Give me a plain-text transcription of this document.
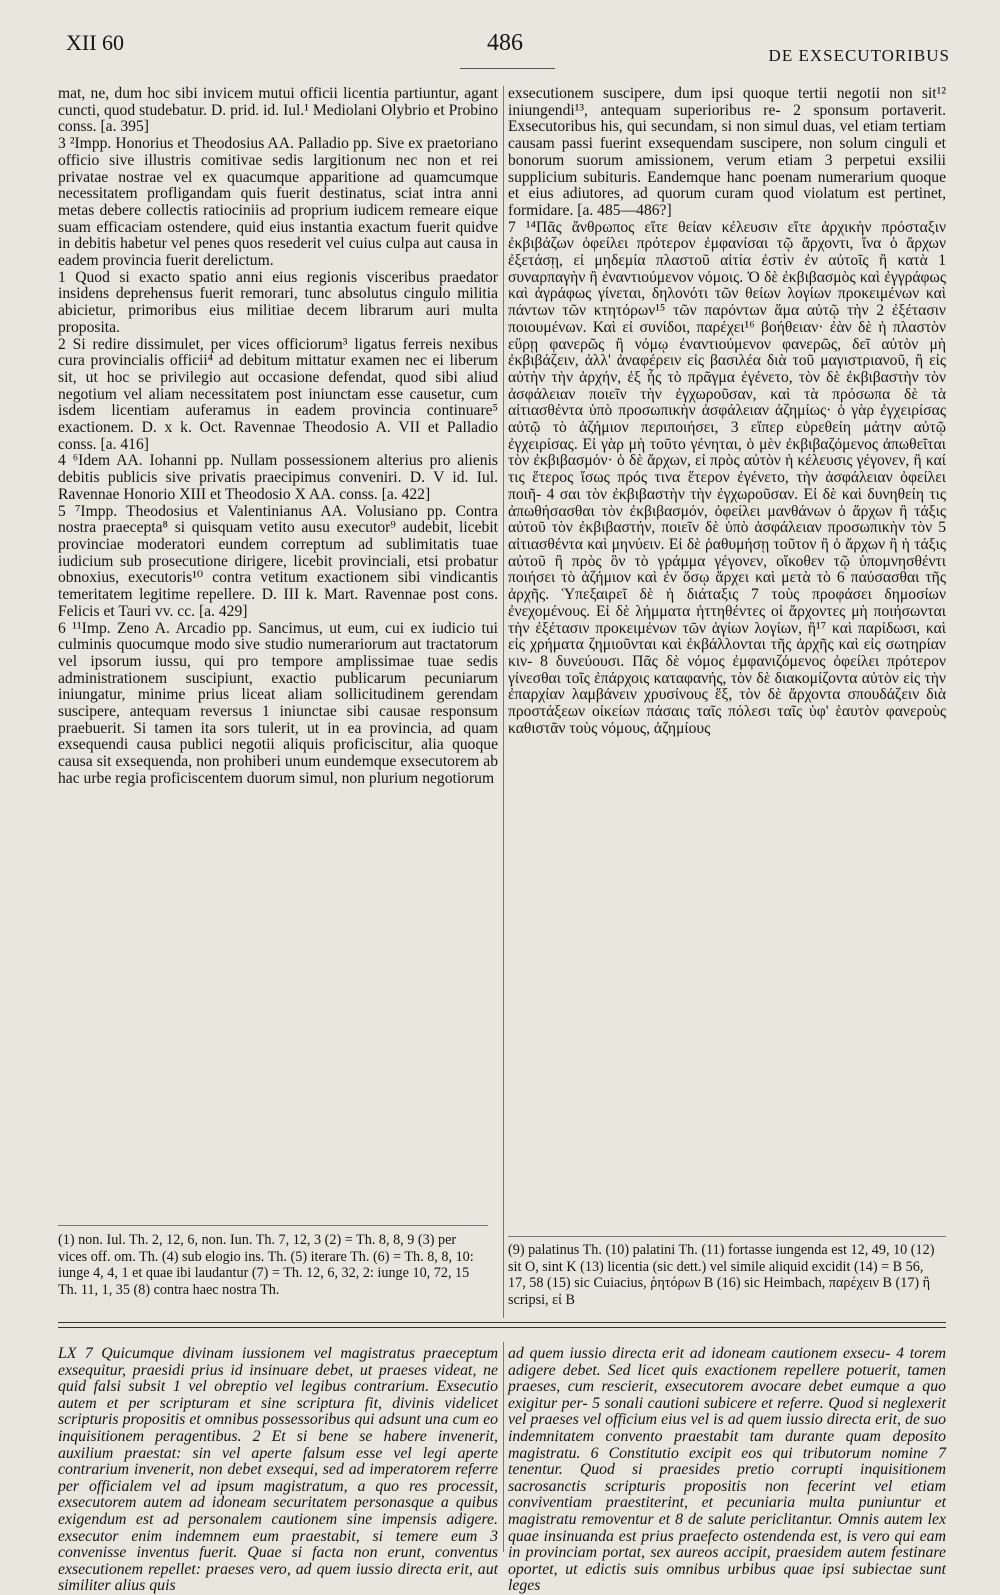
XII 60	486	DE EXSECUTORIBUS

mat, ne, dum hoc sibi invicem mutui officii licentia partiuntur, agant cuncti, quod studebatur. D. prid. id. Iul.¹ Mediolani Olybrio et Probino conss. [a. 395]

3 ²Impp. Honorius et Theodosius AA. Palladio pp. Sive ex praetoriano officio sive illustris comitivae sedis largitionum nec non et rei privatae nostrae vel ex quacumque apparitione ad quamcumque necessitatem profligandam quis fuerit destinatus, sciat intra anni metas debere collectis ratiociniis ad proprium iudicem remeare eique suam efficaciam ostendere, quid eius instantia exactum fuerit quidve in debitis habetur vel penes quos resederit vel cuius culpa aut causa in eadem provincia fuerit derelictum.

1 Quod si exacto spatio anni eius regionis visceribus praedator insidens deprehensus fuerit remorari, tunc absolutus cingulo militia abicietur, primoribus eius militiae decem librarum auri multa proposita.

2 Si redire dissimulet, per vices officiorum³ ligatus ferreis nexibus cura provincialis officii⁴ ad debitum mittatur examen nec ei liberum sit, ut hoc se privilegio aut occasione defendat, quod sibi aliud negotium vel aliam necessitatem post iniunctam esse causetur, cum isdem licentiam auferamus in eadem provincia continuare⁵ exactionem. D. x k. Oct. Ravennae Theodosio A. VII et Palladio conss. [a. 416]

4 ⁶Idem AA. Iohanni pp. Nullam possessionem alterius pro alienis debitis publicis sive privatis praecipimus conveniri. D. V id. Iul. Ravennae Honorio XIII et Theodosio X AA. conss. [a. 422]

5 ⁷Impp. Theodosius et Valentinianus AA. Volusiano pp. Contra nostra praecepta⁸ si quisquam vetito ausu executor⁹ audebit, licebit provinciae moderatori eundem correptum ad sublimitatis tuae iudicium sub prosecutione dirigere, licebit provinciali, etsi probatur obnoxius, executoris¹⁰ contra vetitum exactionem sibi vindicantis temeritatem legitime repellere. D. III k. Mart. Ravennae post cons. Felicis et Tauri vv. cc. [a. 429]

6 ¹¹Imp. Zeno A. Arcadio pp. Sancimus, ut eum, cui ex iudicio tui culminis quocumque modo sive studio numerariorum aut tractatorum vel ipsorum iussu, qui pro tempore amplissimae tuae sedis administrationem suscipiunt, exactio publicarum pecuniarum iniungatur, minime prius liceat aliam sollicitudinem gerendam suscipere, antequam reversus 1 iniunctae sibi causae responsum praebuerit. Si tamen ita sors tulerit, ut in ea provincia, ad quam exsequendi causa publici negotii aliquis proficiscitur, alia quoque causa sit exsequenda, non prohiberi unum eundemque exsecutorem ab hac urbe regia proficiscentem duorum simul, non plurium negotiorum

exsecutionem suscipere, dum ipsi quoque tertii negotii non sit¹² iniungendi¹³, antequam superioribus re- 2 sponsum portaverit. Exsecutoribus his, qui secundam, si non simul duas, vel etiam tertiam causam passi fuerint exsequendam suscipere, non solum cinguli et bonorum suorum amissionem, verum etiam 3 perpetui exsilii supplicium subituris. Eandemque hanc poenam numerarium quoque et eius adiutores, ad quorum curam quod violatum est pertinet, formidare. [a. 485—486?]

7 ¹⁴Πᾶς ἄνθρωπος εἴτε θείαν κέλευσιν εἴτε ἀρχικὴν πρόσταξιν ἐκβιβάζων ὀφείλει πρότερον ἐμφανίσαι τῷ ἄρχοντι, ἵνα ὁ ἄρχων ἐξετάσῃ, εἰ μηδεμία πλαστοῦ αἰτία ἐστὶν ἐν αὐτοῖς ἢ κατὰ 1 συναρπαγὴν ἢ ἐναντιούμενον νόμοις. Ὁ δὲ ἐκβιβασμὸς καὶ ἐγγράφως καὶ ἀγράφως γίνεται, δηλονότι τῶν θείων λογίων προκειμένων καὶ πάντων τῶν κτητόρων¹⁵ τῶν παρόντων ἅμα αὐτῷ τὴν 2 ἐξέτασιν ποιουμένων. Καὶ εἰ συνίδοι, παρέχει¹⁶ βοήθειαν· ἐὰν δὲ ἡ πλαστὸν εὕρῃ φανερῶς ἢ νόμῳ ἐναντιούμενον φανερῶς, δεῖ αὐτὸν μὴ ἐκβιβάζειν, ἀλλ' ἀναφέρειν εἰς βασιλέα διὰ τοῦ μαγιστριανοῦ, ἢ εἰς αὐτὴν τὴν ἀρχήν, ἐξ ἧς τὸ πρᾶγμα ἐγένετο, τὸν δὲ ἐκβιβαστὴν τὸν ἀσφάλειαν ποιεῖν τὴν ἐγχωροῦσαν, καὶ τὰ πρόσωπα δὲ τὰ αἰτιασθέντα ὑπὸ προσωπικὴν ἀσφάλειαν ἀζημίως· ὁ γὰρ ἐγχειρίσας αὐτῷ τὸ ἀζήμιον περιποιήσει, 3 εἴπερ εὑρεθείη μάτην αὐτῷ ἐγχειρίσας. Εἰ γὰρ μὴ τοῦτο γένηται, ὁ μὲν ἐκβιβαζόμενος ἀπωθεῖται τὸν ἐκβιβασμόν· ὁ δὲ ἄρχων, εἰ πρὸς αὐτὸν ἡ κέλευσις γέγονεν, ἢ καί τις ἕτερος ἴσως πρός τινα ἕτερον ἐγένετο, τὴν ἀσφάλειαν ὀφείλει ποιῆ- 4 σαι τὸν ἐκβιβαστὴν τὴν ἐγχωροῦσαν. Εἰ δὲ καὶ δυνηθείη τις ἀπωθήσασθαι τὸν ἐκβιβασμόν, ὀφείλει μανθάνων ὁ ἄρχων ἢ τάξις αὐτοῦ τὸν ἐκβιβαστήν, ποιεῖν δὲ ὑπὸ ἀσφάλειαν προσωπικὴν τὸν 5 αἰτιασθέντα καὶ μηνύειν. Εἰ δὲ ῥαθυμήσῃ τοῦτον ἢ ὁ ἄρχων ἢ ἡ τάξις αὐτοῦ ἢ πρὸς ὃν τὸ γράμμα γέγονεν, οἴκοθεν τῷ ὑπομνησθέντι ποιήσει τὸ ἀζήμιον καὶ ἐν ὅσῳ ἄρχει καὶ μετὰ τὸ 6 παύσασθαι τῆς ἀρχῆς. Ὑπεξαιρεῖ δὲ ἡ διάταξις 7 τοὺς προφάσει δημοσίων ἐνεχομένους. Εἰ δὲ λήμματα ἡττηθέντες οἱ ἄρχοντες μὴ ποιήσωνται τὴν ἐξέτασιν προκειμένων τῶν ἁγίων λογίων, ἢ¹⁷ καὶ παρίδωσι, καὶ εἰς χρήματα ζημιοῦνται καὶ ἐκβάλλονται τῆς ἀρχῆς καὶ εἰς σωτηρίαν κιν- 8 δυνεύουσι. Πᾶς δὲ νόμος ἐμφανιζόμενος ὀφείλει πρότερον γίνεσθαι τοῖς ἐπάρχοις καταφανής, τὸν δὲ διακομίζοντα αὐτὸν εἰς τὴν ἐπαρχίαν λαμβάνειν χρυσίνους ἕξ, τὸν δὲ ἄρχοντα σπουδάζειν διὰ προστάξεων οἰκείων πάσαις ταῖς πόλεσι ταῖς ὑφ' ἑαυτὸν φανεροὺς καθιστᾶν τοὺς νόμους, ἀζημίους

(1) non. Iul. Th. 2, 12, 6, non. Iun. Th. 7, 12, 3 (2) = Th. 8, 8, 9 (3) per vices off. om. Th. (4) sub elogio ins. Th. (5) iterare Th. (6) = Th. 8, 8, 10: iunge 4, 4, 1 et quae ibi laudantur (7) = Th. 12, 6, 32, 2: iunge 10, 72, 15 Th. 11, 1, 35 (8) contra haec nostra Th.
(9) palatinus Th. (10) palatini Th. (11) fortasse iungenda est 12, 49, 10 (12) sit O, sint K (13) licentia (sic dett.) vel simile aliquid excidit (14) = B 56, 17, 58 (15) sic Cuiacius, ῥητόρων B (16) sic Heimbach, παρέχειν B (17) ἢ scripsi, εἰ B

LX 7 Quicumque divinam iussionem vel magistratus praeceptum exsequitur, praesidi prius id insinuare debet, ut praeses videat, ne quid falsi subsit 1 vel obreptio vel legibus contrarium. Exsecutio autem et per scripturam et sine scriptura fit, divinis videlicet scripturis propositis et omnibus possessoribus qui adsunt una cum eo inquisitionem peragentibus. 2 Et si bene se habere invenerit, auxilium praestat: sin vel aperte falsum esse vel legi aperte contrarium invenerit, non debet exsequi, sed ad imperatorem referre per officialem vel ad ipsum magistratum, a quo res processit, exsecutorem autem ad idoneam securitatem personasque a quibus exigendum est ad personalem cautionem sine impensis adigere. exsecutor enim indemnem eum praestabit, si temere eum 3 convenisse inventus fuerit. Quae si facta non erunt, conventus exsecutionem repellet: praeses vero, ad quem iussio directa erit, aut similiter alius quis

ad quem iussio directa erit ad idoneam cautionem exsecu- 4 torem adigere debet. Sed licet quis exactionem repellere potuerit, tamen praeses, cum rescierit, exsecutorem avocare debet eumque a quo exigitur per- 5 sonali cautioni subicere et referre. Quod si neglexerit vel praeses vel officium eius vel is ad quem iussio directa erit, de suo indemnitatem convento praestabit tam durante quam deposito magistratu. 6 Constitutio excipit eos qui tributorum nomine 7 tenentur. Quod si praesides pretio corrupti inquisitionem sacrosanctis scripturis propositis non fecerint vel etiam conviventiam praestiterint, et pecuniaria multa puniuntur et magistratu removentur et 8 de salute periclitantur. Omnis autem lex quae insinuanda est prius praefecto ostendenda est, is vero qui eam in provinciam portat, sex aureos accipit, praesidem autem festinare oportet, ut edictis suis omnibus urbibus quae ipsi subiectae sunt leges
